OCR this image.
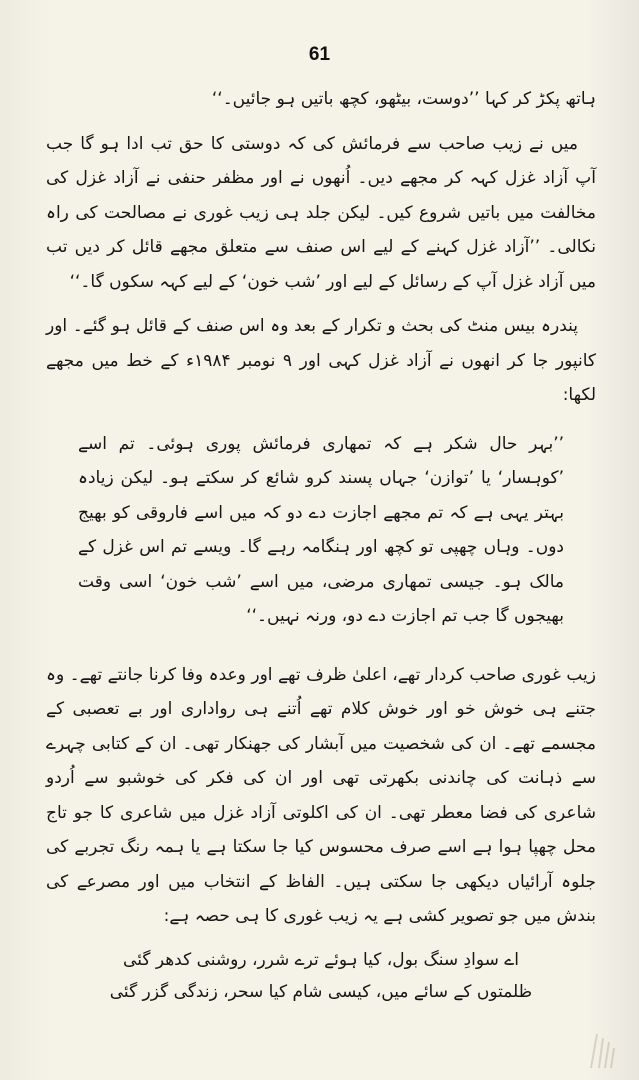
61

ہاتھ پکڑ کر کہا ’’دوست، بیٹھو، کچھ باتیں ہو جائیں۔‘‘

میں نے زیب صاحب سے فرمائش کی کہ دوستی کا حق تب ادا ہو گا جب آپ آزاد غزل کہہ کر مجھے دیں۔ اُنھوں نے اور مظفر حنفی نے آزاد غزل کی مخالفت میں باتیں شروع کیں۔ لیکن جلد ہی زیب غوری نے مصالحت کی راہ نکالی۔ ’’آزاد غزل کہنے کے لیے اس صنف سے متعلق مجھے قائل کر دیں تب میں آزاد غزل آپ کے رسائل کے لیے اور ’شب خون‘ کے لیے کہہ سکوں گا۔‘‘

پندرہ بیس منٹ کی بحث و تکرار کے بعد وہ اس صنف کے قائل ہو گئے۔ اور کانپور جا کر انھوں نے آزاد غزل کہی اور ۹ نومبر ۱۹۸۴ء کے خط میں مجھے لکھا:

’’بہر حال شکر ہے کہ تمھاری فرمائش پوری ہوئی۔ تم اسے ’کوہسار‘ یا ’توازن‘ جہاں پسند کرو شائع کر سکتے ہو۔ لیکن زیادہ بہتر یہی ہے کہ تم مجھے اجازت دے دو کہ میں اسے فاروقی کو بھیج دوں۔ وہاں چھپی تو کچھ اور ہنگامہ رہے گا۔ ویسے تم اس غزل کے مالک ہو۔ جیسی تمھاری مرضی، میں اسے ’شب خون‘ اسی وقت بھیجوں گا جب تم اجازت دے دو، ورنہ نہیں۔‘‘

زیب غوری صاحب کردار تھے، اعلیٰ ظرف تھے اور وعدہ وفا کرنا جانتے تھے۔ وہ جتنے ہی خوش خو اور خوش کلام تھے اُتنے ہی رواداری اور بے تعصبی کے مجسمے تھے۔ ان کی شخصیت میں آبشار کی جھنکار تھی۔ ان کے کتابی چہرے سے ذہانت کی چاندنی بکھرتی تھی اور ان کی فکر کی خوشبو سے اُردو شاعری کی فضا معطر تھی۔ ان کی اکلوتی آزاد غزل میں شاعری کا جو تاج محل چھپا ہوا ہے اسے صرف محسوس کیا جا سکتا ہے یا ہمہ رنگ تجربے کی جلوہ آرائیاں دیکھی جا سکتی ہیں۔ الفاظ کے انتخاب میں اور مصرعے کی بندش میں جو تصویر کشی ہے یہ زیب غوری کا ہی حصہ ہے:

اے سوادِ سنگ بول، کیا ہوئے ترے شرر، روشنی کدھر گئی
ظلمتوں کے سائے میں، کیسی شام کیا سحر، زندگی گزر گئی
